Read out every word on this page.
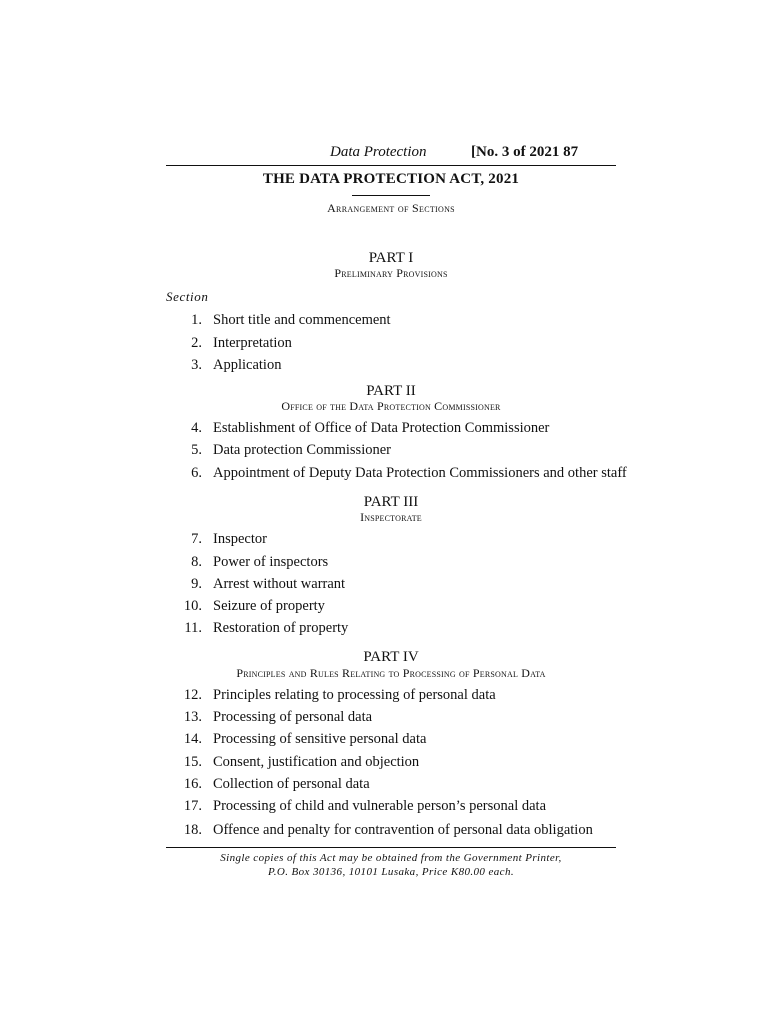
Data Protection	[No. 3 of 2021 87
THE DATA PROTECTION ACT, 2021
Arrangement of Sections
PART I
Preliminary Provisions
Section
1. Short title and commencement
2. Interpretation
3. Application
PART II
Office of the Data Protection Commissioner
4. Establishment of Office of Data Protection Commissioner
5. Data protection Commissioner
6. Appointment of Deputy Data Protection Commissioners and other staff
PART III
Inspectorate
7. Inspector
8. Power of inspectors
9. Arrest without warrant
10. Seizure of property
11. Restoration of property
PART IV
Principles and Rules Relating to Processing of Personal Data
12. Principles relating to processing of personal data
13. Processing of personal data
14. Processing of sensitive personal data
15. Consent, justification and objection
16. Collection of personal data
17. Processing of child and vulnerable person’s personal data
18. Offence and penalty for contravention of personal data obligation
Single copies of this Act may be obtained from the Government Printer,
P.O. Box 30136, 10101 Lusaka, Price K80.00 each.
